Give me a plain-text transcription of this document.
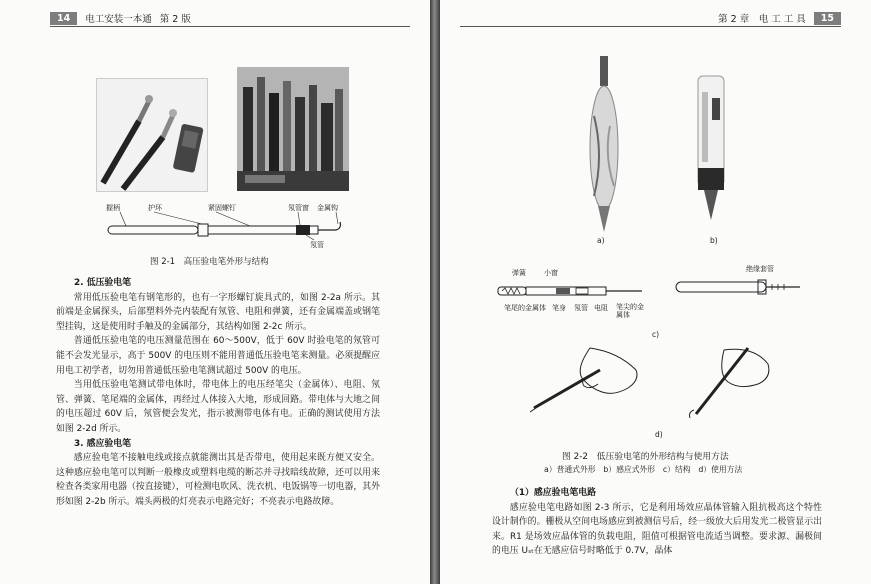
14	电工安装一本通 第 2 版
握柄	护环	紧固螺钉	氖管窗 金属钩
氖管
图 2-1　高压验电笔外形与结构
2. 低压验电笔

常用低压验电笔有钢笔形的，也有一字形螺钉旋具式的，如图 2-2a 所示。其前端是金属探头，后部塑料外壳内装配有氖管、电阻和弹簧，还有金属端盖或钢笔型挂钩，这是使用时手触及的金属部分，其结构如图 2-2c 所示。

普通低压验电笔的电压测量范围在 60～500V，低于 60V 时验电笔的氖管可能不会发光显示，高于 500V 的电压则不能用普通低压验电笔来测量。必须提醒应用电工初学者，切勿用普通低压验电笔测试超过 500V 的电压。

当用低压验电笔测试带电体时，带电体上的电压经笔尖（金属体）、电阻、氖管、弹簧、笔尾端的金属体，再经过人体接入大地，形成回路。带电体与大地之间的电压超过 60V 后，氖管便会发光，指示被测带电体有电。正确的测试使用方法如图 2-2d 所示。

3. 感应验电笔

感应验电笔不接触电线或接点就能测出其是否带电，使用起来既方便又安全。这种感应验电笔可以判断一般橡皮或塑料电缆的断芯并寻找暗线故障，还可以用来检查各类家用电器（按直接键），可检测电吹风、洗衣机、电饭锅等一切电器，其外形如图 2-2b 所示。端头两极的灯亮表示电路完好；不亮表示电路故障。

第 2 章　电 工 工 具	15
a)	b)
弹簧	小窗
笔尾的金属体 笔身 氖管 电阻 笔尖的金属体
绝缘套管
c)
d)
图 2-2　低压验电笔的外形结构与使用方法
a）普通式外形　b）感应式外形　c）结构　d）使用方法
（1）感应验电笔电路

感应验电笔电路如图 2-3 所示，它是利用场效应晶体管输入阻抗极高这个特性设计制作的。栅极从空间电场感应到被测信号后，经一级放大后用发光二极管显示出来。R1 是场效应晶体管的负载电阻，阻值可根据管电流适当调整。要求源、漏极间的电压 Uₛₜ在无感应信号时略低于 0.7V，晶体
